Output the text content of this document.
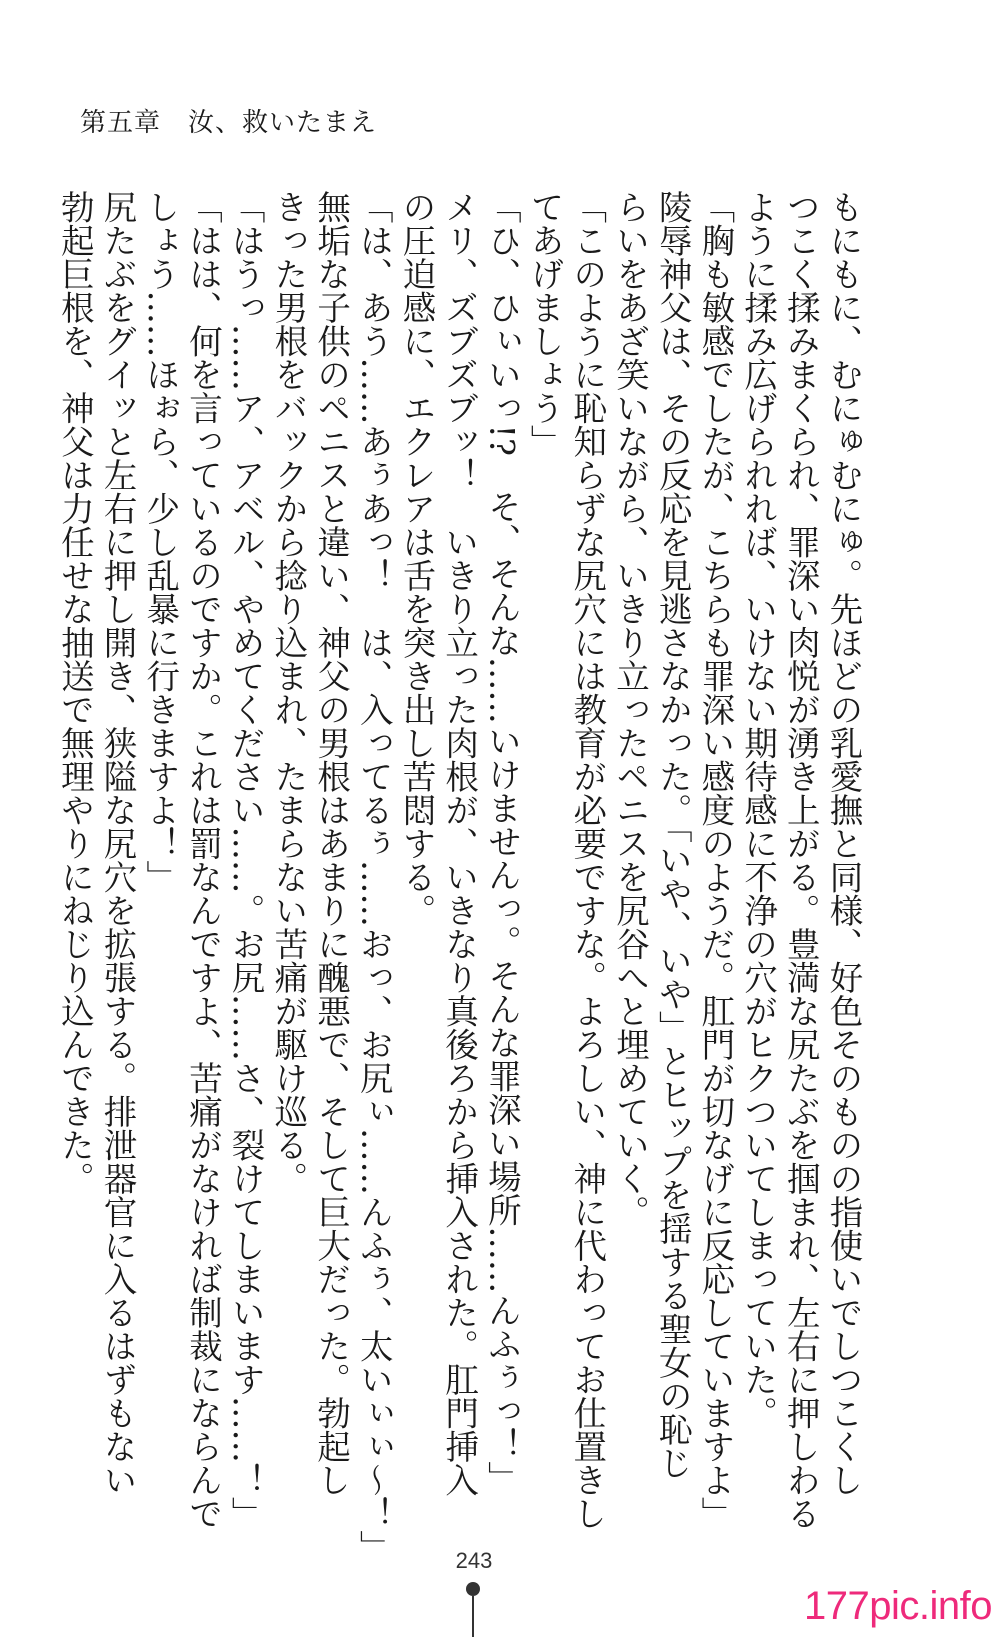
第五章　汝、救いたまえ
もにもに、むにゅむにゅ。先ほどの乳愛撫と同様、好色そのものの指使いでしつこくし
つこく揉みまくられ、罪深い肉悦が湧き上がる。豊満な尻たぶを掴まれ、左右に押しわる
ように揉み広げられれば、いけない期待感に不浄の穴がヒクついてしまっていた。
「胸も敏感でしたが、こちらも罪深い感度のようだ。肛門が切なげに反応していますよ」
陵辱神父は、その反応を見逃さなかった。「いや、いや」とヒップを揺する聖女の恥じ
らいをあざ笑いながら、いきり立ったペニスを尻谷へと埋めていく。
「このように恥知らずな尻穴には教育が必要ですな。よろしい、神に代わってお仕置きし
てあげましょう」
「ひ、ひぃいっ!?　そ、そんな……いけませんっ。そんな罪深い場所……んふぅっ！」
メリ、ズブズブッ！　いきり立った肉根が、いきなり真後ろから挿入された。肛門挿入
の圧迫感に、エクレアは舌を突き出し苦悶する。
「は、あう……あぅあっ！　は、入ってるぅ……おっ、お尻ぃ……んふぅ、太いぃぃ〜！」
無垢な子供のペニスと違い、神父の男根はあまりに醜悪で、そして巨大だった。勃起し
きった男根をバックから捻り込まれ、たまらない苦痛が駆け巡る。
「はうっ……ア、アベル、やめてください……。お尻……さ、裂けてしまいます……！」
「はは、何を言っているのですか。これは罰なんですよ、苦痛がなければ制裁にならんで
しょう……ほぉら、少し乱暴に行きますよ！」
尻たぶをグイッと左右に押し開き、狭隘な尻穴を拡張する。排泄器官に入るはずもない
勃起巨根を、神父は力任せな抽送で無理やりにねじり込んできた。
243
177pic.info
